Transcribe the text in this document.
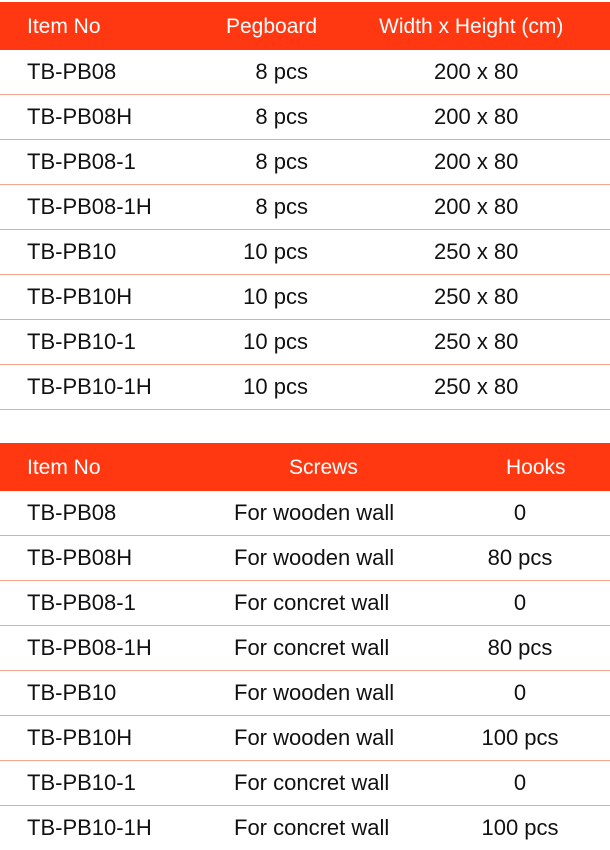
Item No	Pegboard	Width x Height (cm)
TB-PB08	8 pcs	200 x 80
TB-PB08H	8 pcs	200 x 80
TB-PB08-1	8 pcs	200 x 80
TB-PB08-1H	8 pcs	200 x 80
TB-PB10	10 pcs	250 x 80
TB-PB10H	10 pcs	250 x 80
TB-PB10-1	10 pcs	250 x 80
TB-PB10-1H	10 pcs	250 x 80
Item No	Screws	Hooks
TB-PB08	For wooden wall	0
TB-PB08H	For wooden wall	80 pcs
TB-PB08-1	For concret wall	0
TB-PB08-1H	For concret wall	80 pcs
TB-PB10	For wooden wall	0
TB-PB10H	For wooden wall	100 pcs
TB-PB10-1	For concret wall	0
TB-PB10-1H	For concret wall	100 pcs
